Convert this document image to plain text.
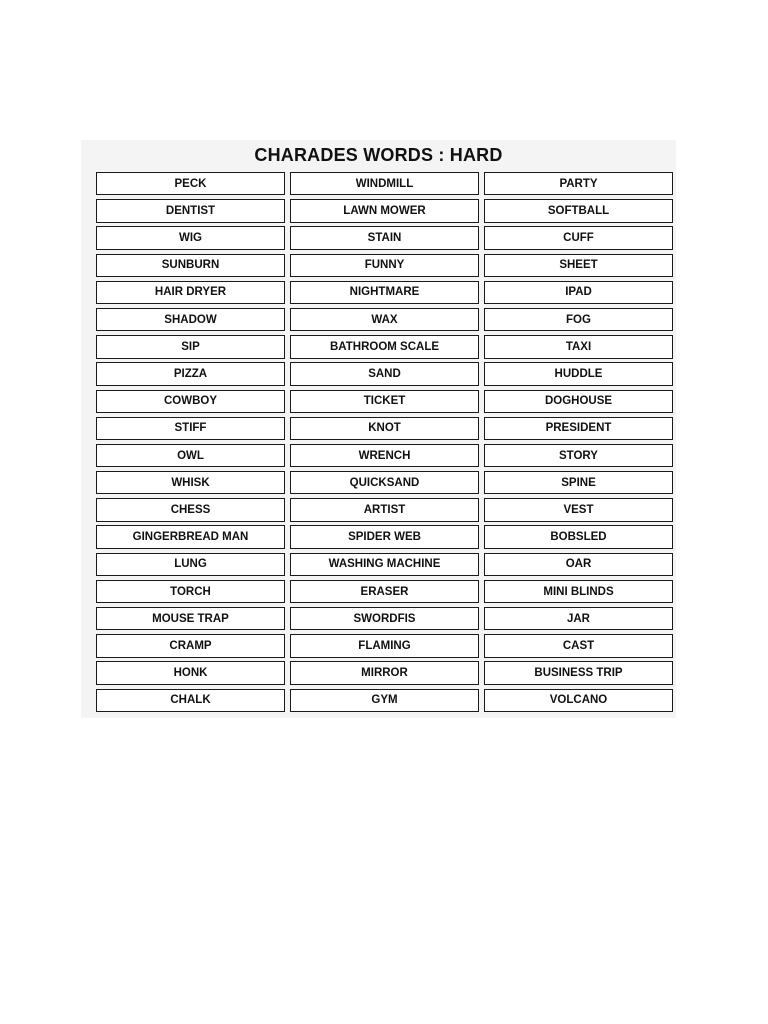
CHARADES WORDS : HARD
PECK	WINDMILL	PARTY
DENTIST	LAWN MOWER	SOFTBALL
WIG	STAIN	CUFF
SUNBURN	FUNNY	SHEET
HAIR DRYER	NIGHTMARE	IPAD
SHADOW	WAX	FOG
SIP	BATHROOM SCALE	TAXI
PIZZA	SAND	HUDDLE
COWBOY	TICKET	DOGHOUSE
STIFF	KNOT	PRESIDENT
OWL	WRENCH	STORY
WHISK	QUICKSAND	SPINE
CHESS	ARTIST	VEST
GINGERBREAD MAN	SPIDER WEB	BOBSLED
LUNG	WASHING MACHINE	OAR
TORCH	ERASER	MINI BLINDS
MOUSE TRAP	SWORDFIS	JAR
CRAMP	FLAMING	CAST
HONK	MIRROR	BUSINESS TRIP
CHALK	GYM	VOLCANO
